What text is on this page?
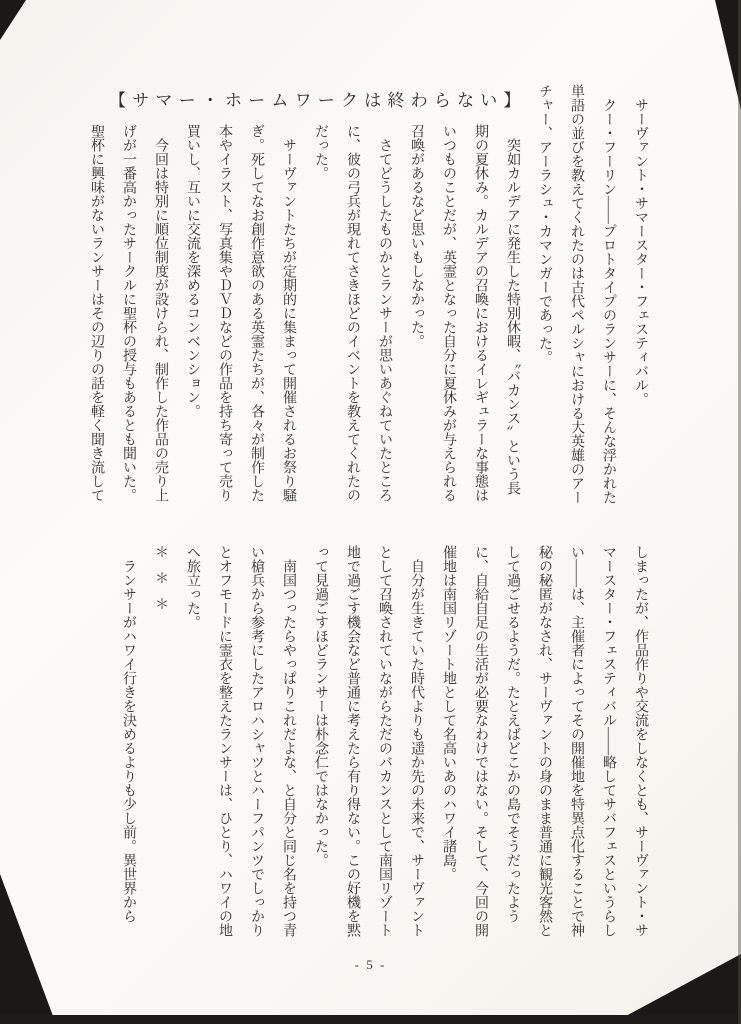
【サマー・ホームワークは終わらない】	　サーヴァント・サマースター・フェスティバル。

　クー・フーリン――プロトタイプのランサーに、そんな浮かれた単語の並びを教えてくれたのは古代ペルシャにおける大英雄のアーチャー、アーラシュ・カマンガーであった。

　突如カルデアに発生した特別休暇、〝バカンス〟という長期の夏休み。カルデアの召喚におけるイレギュラーな事態はいつものことだが、英霊となった自分に夏休みが与えられる召喚があるなど思いもしなかった。

　さてどうしたものかとランサーが思いあぐねていたところに、彼の弓兵が現れてさきほどのイベントを教えてくれたのだった。

　サーヴァントたちが定期的に集まって開催されるお祭り騒ぎ。死してなお創作意欲のある英霊たちが、各々が制作した本やイラスト、写真集やＤＶＤなどの作品を持ち寄って売り買いし、互いに交流を深めるコンベンション。

　今回は特別に順位制度が設けられ、制作した作品の売り上げが一番高かったサークルに聖杯の授与もあるとも聞いた。聖杯に興味がないランサーはその辺りの話を軽く聞き流して

しまったが、作品作りや交流をしなくとも、サーヴァント・サマースター・フェスティバル――略してサバフェスというらしい――は、主催者によってその開催地を特異点化することで神秘の秘匿がなされ、サーヴァントの身のまま普通に観光客然として過ごせるようだ。たとえばどこかの島でそうだったように、自給自足の生活が必要なわけではない。そして、今回の開催地は南国リゾート地として名高いあのハワイ諸島。

　自分が生きていた時代よりも遥か先の未来で、サーヴァントとして召喚されていながらただのバカンスとして南国リゾート地で過ごす機会など普通に考えたら有り得ない。この好機を黙って見過ごすほどランサーは朴念仁ではなかった。

　南国つったらやっぱりこれだよな、と自分と同じ名を持つ青い槍兵から参考にしたアロハシャツとハーフパンツでしっかりとオフモードに霊衣を整えたランサーは、ひとり、ハワイの地へ旅立った。

＊＊＊

　ランサーがハワイ行きを決めるよりも少し前。異世界から

- 5 -
